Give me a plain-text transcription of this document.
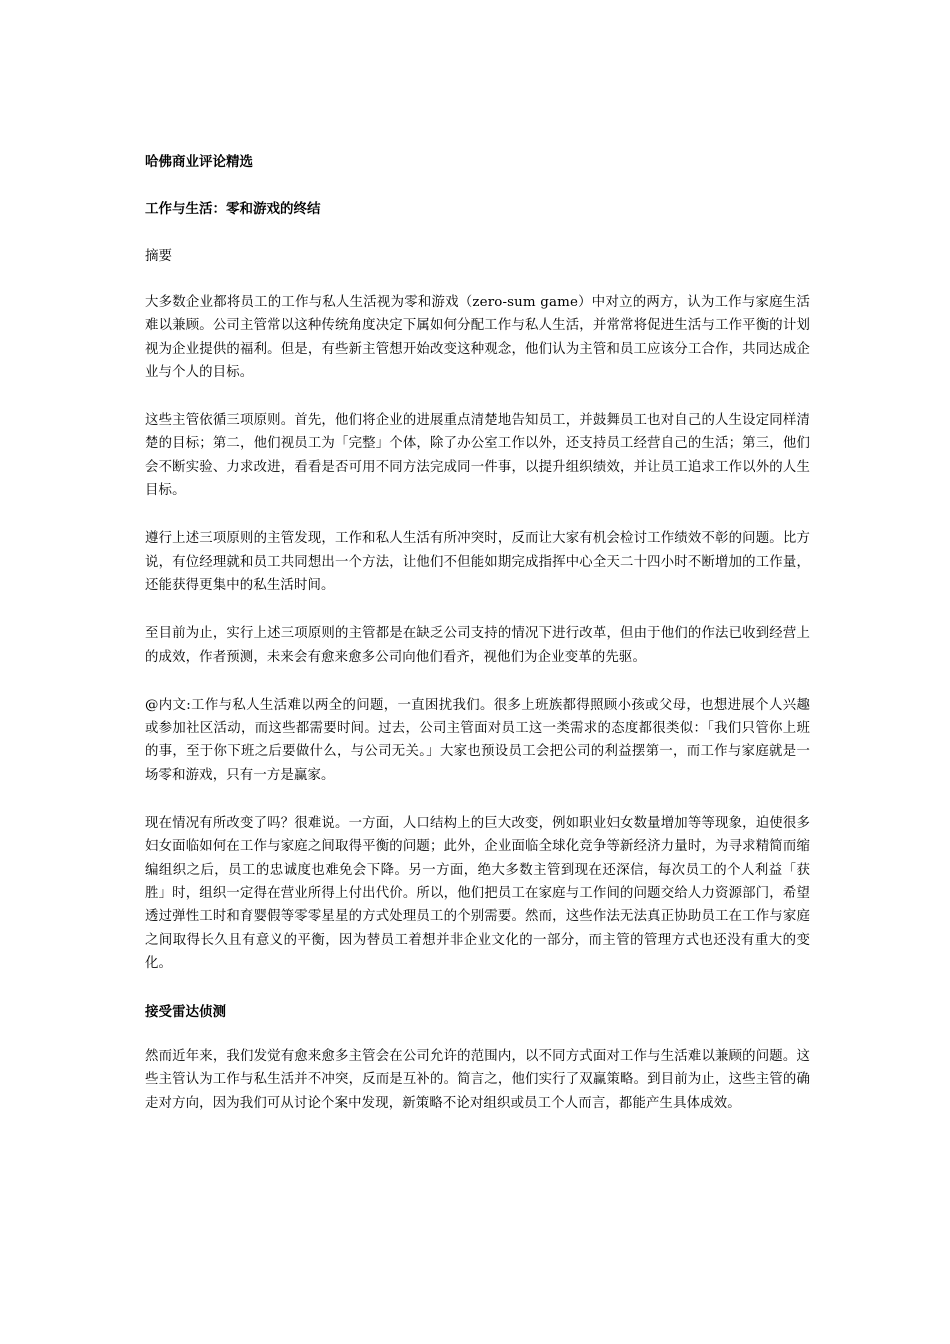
哈佛商业评论精选
工作与生活：零和游戏的终结
摘要

大多数企业都将员工的工作与私人生活视为零和游戏（zero-sum game）中对立的两方，认为工作与家庭生活难以兼顾。公司主管常以这种传统角度决定下属如何分配工作与私人生活，并常常将促进生活与工作平衡的计划视为企业提供的福利。但是，有些新主管想开始改变这种观念，他们认为主管和员工应该分工合作，共同达成企业与个人的目标。

这些主管依循三项原则。首先，他们将企业的进展重点清楚地告知员工，并鼓舞员工也对自己的人生设定同样清楚的目标；第二，他们视员工为「完整」个体，除了办公室工作以外，还支持员工经营自己的生活；第三，他们会不断实验、力求改进，看看是否可用不同方法完成同一件事，以提升组织绩效，并让员工追求工作以外的人生目标。

遵行上述三项原则的主管发现，工作和私人生活有所冲突时，反而让大家有机会检讨工作绩效不彰的问题。比方说，有位经理就和员工共同想出一个方法，让他们不但能如期完成指挥中心全天二十四小时不断增加的工作量，还能获得更集中的私生活时间。

至目前为止，实行上述三项原则的主管都是在缺乏公司支持的情况下进行改革，但由于他们的作法已收到经营上的成效，作者预测，未来会有愈来愈多公司向他们看齐，视他们为企业变革的先驱。

@内文:工作与私人生活难以两全的问题，一直困扰我们。很多上班族都得照顾小孩或父母，也想进展个人兴趣或参加社区活动，而这些都需要时间。过去，公司主管面对员工这一类需求的态度都很类似：「我们只管你上班的事，至于你下班之后要做什么，与公司无关。」大家也预设员工会把公司的利益摆第一，而工作与家庭就是一场零和游戏，只有一方是赢家。

现在情况有所改变了吗？很难说。一方面，人口结构上的巨大改变，例如职业妇女数量增加等等现象，迫使很多妇女面临如何在工作与家庭之间取得平衡的问题；此外，企业面临全球化竞争等新经济力量时，为寻求精简而缩编组织之后，员工的忠诚度也难免会下降。另一方面，绝大多数主管到现在还深信，每次员工的个人利益「获胜」时，组织一定得在营业所得上付出代价。所以，他们把员工在家庭与工作间的问题交给人力资源部门，希望透过弹性工时和育婴假等零零星星的方式处理员工的个别需要。然而，这些作法无法真正协助员工在工作与家庭之间取得长久且有意义的平衡，因为替员工着想并非企业文化的一部分，而主管的管理方式也还没有重大的变化。

接受雷达侦测

然而近年来，我们发觉有愈来愈多主管会在公司允许的范围内，以不同方式面对工作与生活难以兼顾的问题。这些主管认为工作与私生活并不冲突，反而是互补的。简言之，他们实行了双赢策略。到目前为止，这些主管的确走对方向，因为我们可从讨论个案中发现，新策略不论对组织或员工个人而言，都能产生具体成效。
